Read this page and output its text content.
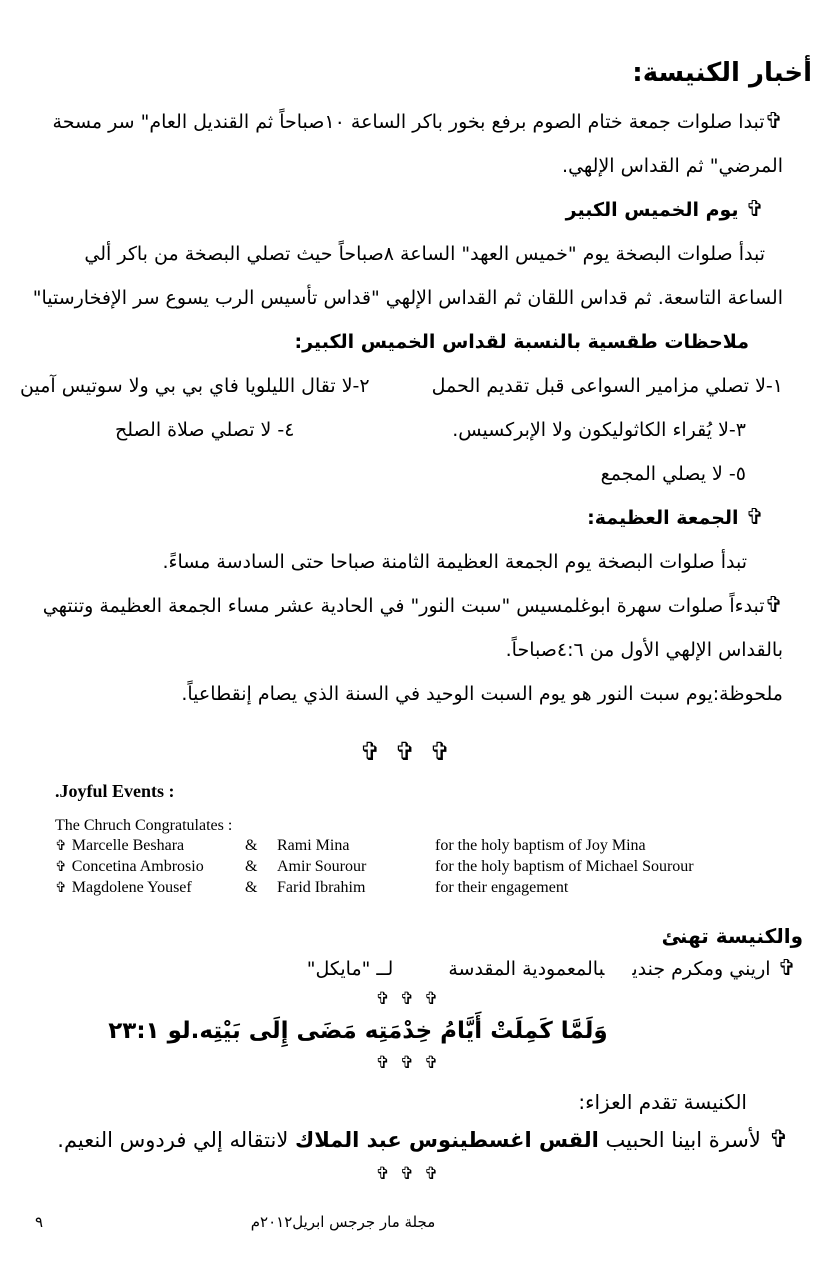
أخبار الكنيسة:
✞تبدا صلوات جمعة ختام الصوم برفع بخور باكر الساعة ١٠صباحاً ثم القنديل العام" سر مسحة
المرضي" ثم القداس الإلهي.
✞يوم الخميس الكبير
تبدأ صلوات البصخة يوم "خميس العهد" الساعة ٨صباحاً حيث تصلي البصخة من باكر ألي
الساعة التاسعة. ثم قداس اللقان ثم القداس الإلهي "قداس تأسيس الرب يسوع سر الإفخارستيا"
ملاحظات طقسية بالنسبة لقداس الخميس الكبير:
١-لا تصلي مزامير السواعى قبل تقديم الحمل
٢-لا تقال الليلويا فاي بي بي ولا سوتيس آمين
٣-لا يُقراء الكاثوليكون ولا الإبركسيس.
٤- لا تصلي صلاة الصلح
٥- لا يصلي المجمع
✞الجمعة العظيمة:
تبدأ صلوات البصخة يوم الجمعة العظيمة الثامنة صباحا حتى السادسة مساءً.
✞تبدءاً صلوات سهرة ابوغلمسيس "سبت النور" في الحادية عشر مساء الجمعة العظيمة وتنتهي
بالقداس الإلهي الأول من ٤:٦صباحاً.
ملحوظة:يوم سبت النور هو يوم السبت الوحيد في السنة الذي يصام إنقطاعياً.
✞✞✞
.Joyful Events :
The Chruch Congratulates :
✞ Marcelle Beshara	&	Rami Mina	for the holy baptism of Joy Mina
✞ Concetina Ambrosio	&	Amir Sourour	for the holy baptism of Michael Sourour
✞ Magdolene Yousef	&	Farid Ibrahim	for their engagement
والكنيسة تهنئ
✞اريني ومكرم جنديبالمعمودية المقدسةلــ "مايكل"
✞✞✞
وَلَمَّا كَمِلَتْ أَيَّامُ خِدْمَتِه مَضَى إِلَى بَيْتِه.لو ٢٣:١
✞✞✞
الكنيسة تقدم العزاء:
✞لأسرة ابينا الحبيب القس اغسطينوس عبد الملاك لانتقاله إلي فردوس النعيم.
✞✞✞
٩	مجلة مار جرجس ابريل٢٠١٢م
